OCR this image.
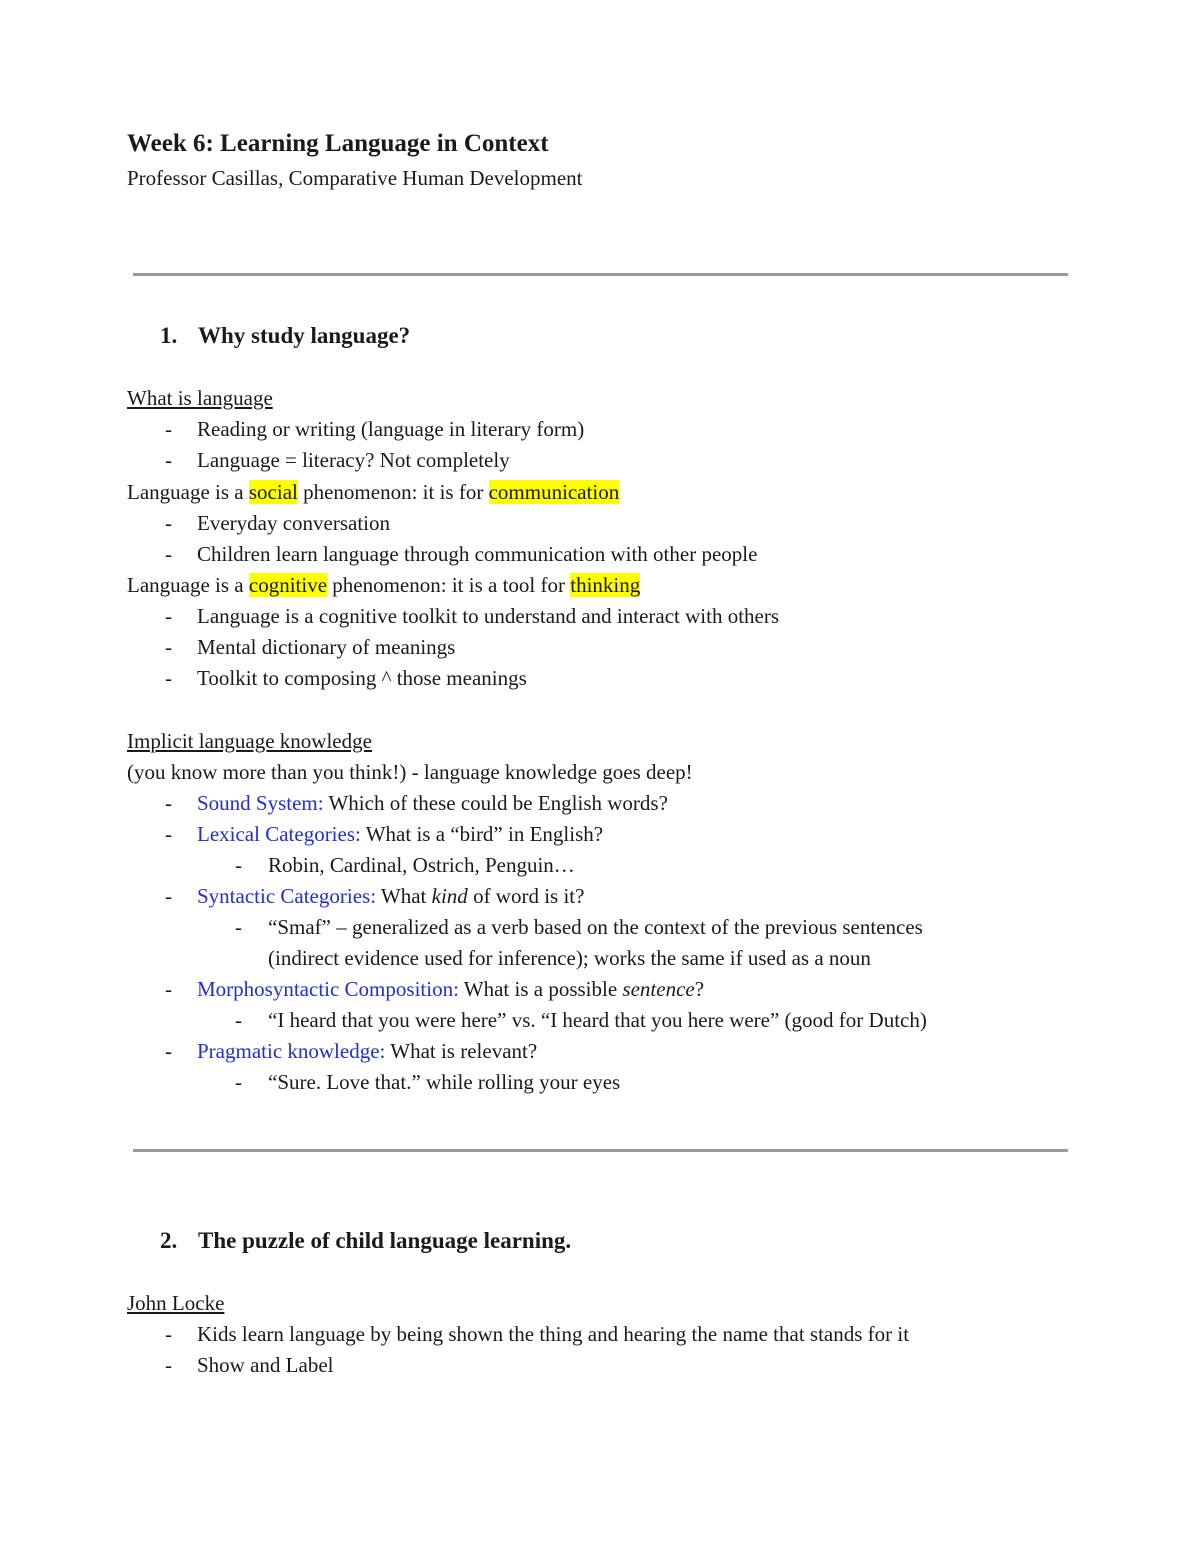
Week 6: Learning Language in Context
Professor Casillas, Comparative Human Development
1. Why study language?
What is language
- Reading or writing (language in literary form)
- Language = literacy? Not completely
Language is a social phenomenon: it is for communication
- Everyday conversation
- Children learn language through communication with other people
Language is a cognitive phenomenon: it is a tool for thinking
- Language is a cognitive toolkit to understand and interact with others
- Mental dictionary of meanings
- Toolkit to composing ^ those meanings
Implicit language knowledge
(you know more than you think!) - language knowledge goes deep!
- Sound System: Which of these could be English words?
- Lexical Categories: What is a “bird” in English?
- Robin, Cardinal, Ostrich, Penguin…
- Syntactic Categories: What kind of word is it?
- “Smaf” – generalized as a verb based on the context of the previous sentences
(indirect evidence used for inference); works the same if used as a noun
- Morphosyntactic Composition: What is a possible sentence?
- “I heard that you were here” vs. “I heard that you here were” (good for Dutch)
- Pragmatic knowledge: What is relevant?
- “Sure. Love that.” while rolling your eyes
2. The puzzle of child language learning.
John Locke
- Kids learn language by being shown the thing and hearing the name that stands for it
- Show and Label
